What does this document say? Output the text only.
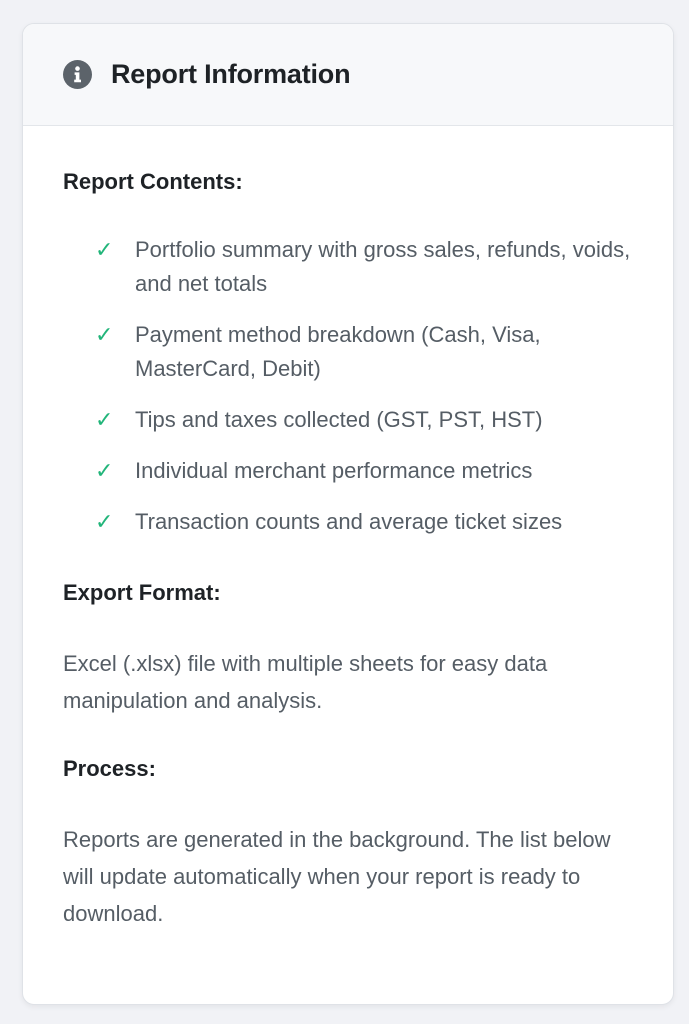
Report Information
Report Contents:
✓ Portfolio summary with gross sales, refunds, voids, and net totals
✓ Payment method breakdown (Cash, Visa, MasterCard, Debit)
✓ Tips and taxes collected (GST, PST, HST)
✓ Individual merchant performance metrics
✓ Transaction counts and average ticket sizes
Export Format:

Excel (.xlsx) file with multiple sheets for easy data manipulation and analysis.

Process:

Reports are generated in the background. The list below will update automatically when your report is ready to download.
